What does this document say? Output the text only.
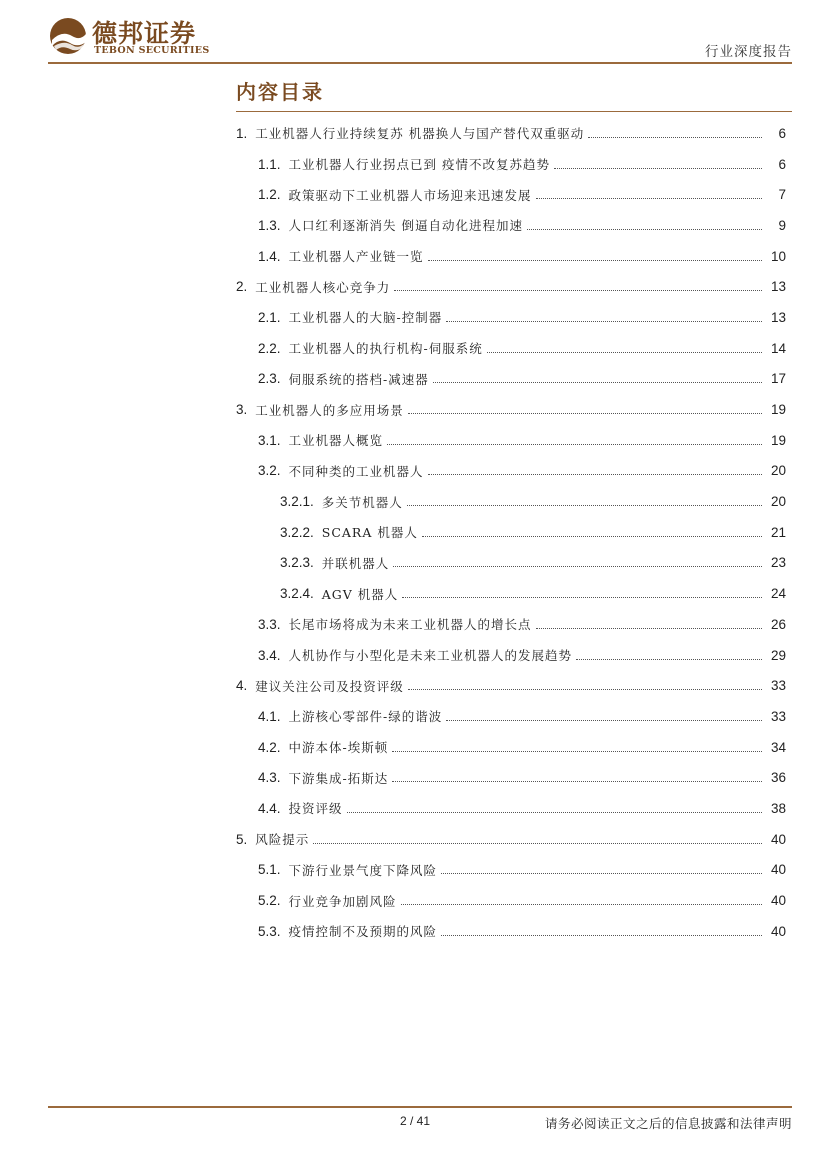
德邦证券
TEBON SECURITIES	行业深度报告
内容目录
1. 工业机器人行业持续复苏 机器换人与国产替代双重驱动	6
1.1. 工业机器人行业拐点已到 疫情不改复苏趋势	6
1.2. 政策驱动下工业机器人市场迎来迅速发展	7
1.3. 人口红利逐渐消失 倒逼自动化进程加速	9
1.4. 工业机器人产业链一览	10
2. 工业机器人核心竞争力	13
2.1. 工业机器人的大脑-控制器	13
2.2. 工业机器人的执行机构-伺服系统	14
2.3. 伺服系统的搭档-减速器	17
3. 工业机器人的多应用场景	19
3.1. 工业机器人概览	19
3.2. 不同种类的工业机器人	20
3.2.1. 多关节机器人	20
3.2.2. SCARA 机器人	21
3.2.3. 并联机器人	23
3.2.4. AGV 机器人	24
3.3. 长尾市场将成为未来工业机器人的增长点	26
3.4. 人机协作与小型化是未来工业机器人的发展趋势	29
4. 建议关注公司及投资评级	33
4.1. 上游核心零部件-绿的谐波	33
4.2. 中游本体-埃斯顿	34
4.3. 下游集成-拓斯达	36
4.4. 投资评级	38
5. 风险提示	40
5.1. 下游行业景气度下降风险	40
5.2. 行业竞争加剧风险	40
5.3. 疫情控制不及预期的风险	40
2 / 41	请务必阅读正文之后的信息披露和法律声明
